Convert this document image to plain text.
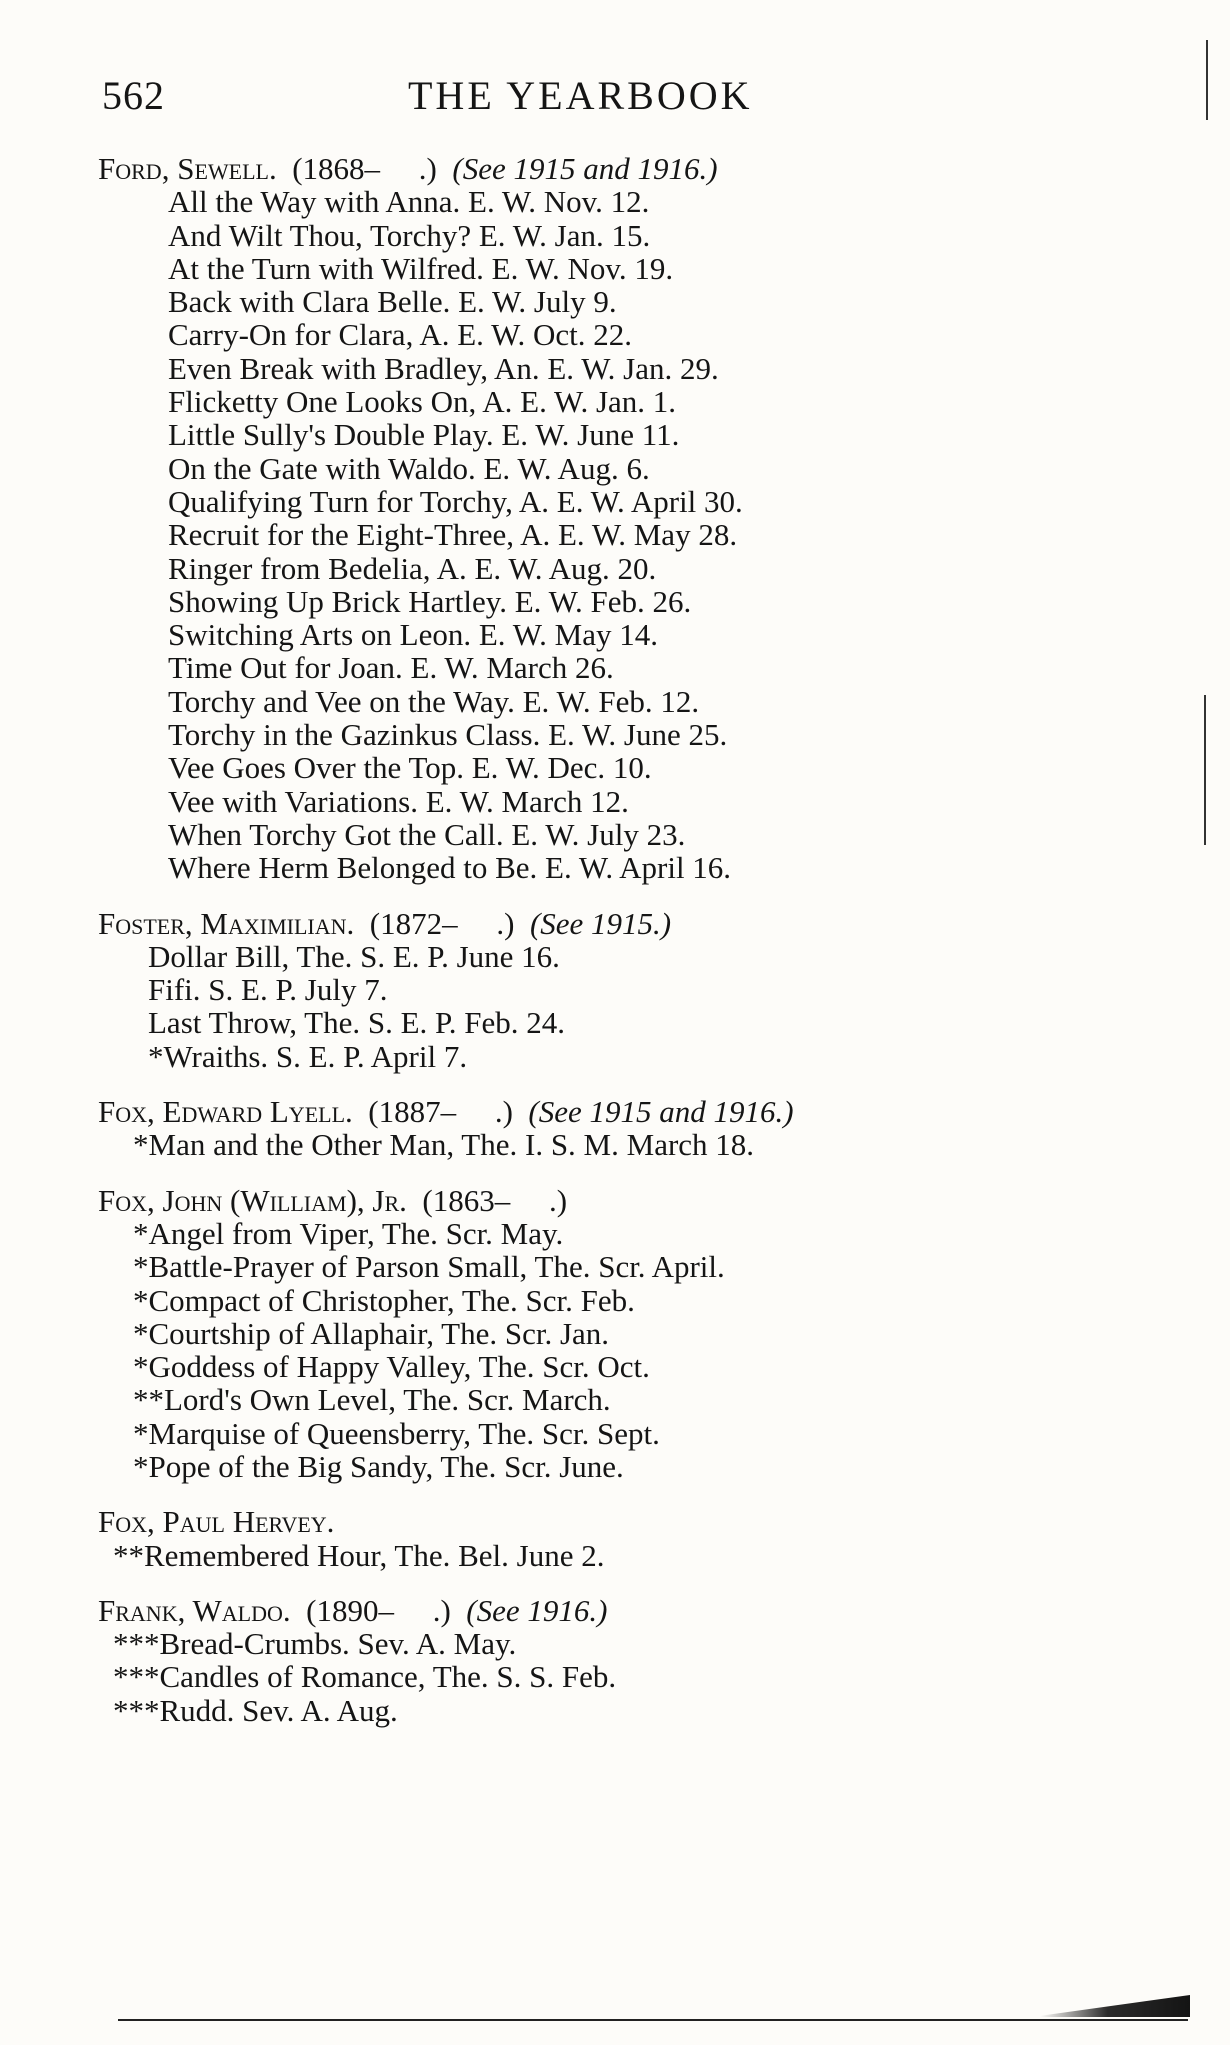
562	THE YEARBOOK
Ford, Sewell. (1868–     .) (See 1915 and 1916.)
All the Way with Anna. E. W. Nov. 12.
And Wilt Thou, Torchy? E. W. Jan. 15.
At the Turn with Wilfred. E. W. Nov. 19.
Back with Clara Belle. E. W. July 9.
Carry-On for Clara, A. E. W. Oct. 22.
Even Break with Bradley, An. E. W. Jan. 29.
Flicketty One Looks On, A. E. W. Jan. 1.
Little Sully's Double Play. E. W. June 11.
On the Gate with Waldo. E. W. Aug. 6.
Qualifying Turn for Torchy, A. E. W. April 30.
Recruit for the Eight-Three, A. E. W. May 28.
Ringer from Bedelia, A. E. W. Aug. 20.
Showing Up Brick Hartley. E. W. Feb. 26.
Switching Arts on Leon. E. W. May 14.
Time Out for Joan. E. W. March 26.
Torchy and Vee on the Way. E. W. Feb. 12.
Torchy in the Gazinkus Class. E. W. June 25.
Vee Goes Over the Top. E. W. Dec. 10.
Vee with Variations. E. W. March 12.
When Torchy Got the Call. E. W. July 23.
Where Herm Belonged to Be. E. W. April 16.
Foster, Maximilian. (1872–     .) (See 1915.)
Dollar Bill, The. S. E. P. June 16.
Fifi. S. E. P. July 7.
Last Throw, The. S. E. P. Feb. 24.
*Wraiths. S. E. P. April 7.
Fox, Edward Lyell. (1887–     .) (See 1915 and 1916.)
*Man and the Other Man, The. I. S. M. March 18.
Fox, John (William), Jr. (1863–     .)
*Angel from Viper, The. Scr. May.
*Battle-Prayer of Parson Small, The. Scr. April.
*Compact of Christopher, The. Scr. Feb.
*Courtship of Allaphair, The. Scr. Jan.
*Goddess of Happy Valley, The. Scr. Oct.
**Lord's Own Level, The. Scr. March.
*Marquise of Queensberry, The. Scr. Sept.
*Pope of the Big Sandy, The. Scr. June.
Fox, Paul Hervey.
**Remembered Hour, The. Bel. June 2.
Frank, Waldo. (1890–     .) (See 1916.)
***Bread-Crumbs. Sev. A. May.
***Candles of Romance, The. S. S. Feb.
***Rudd. Sev. A. Aug.
